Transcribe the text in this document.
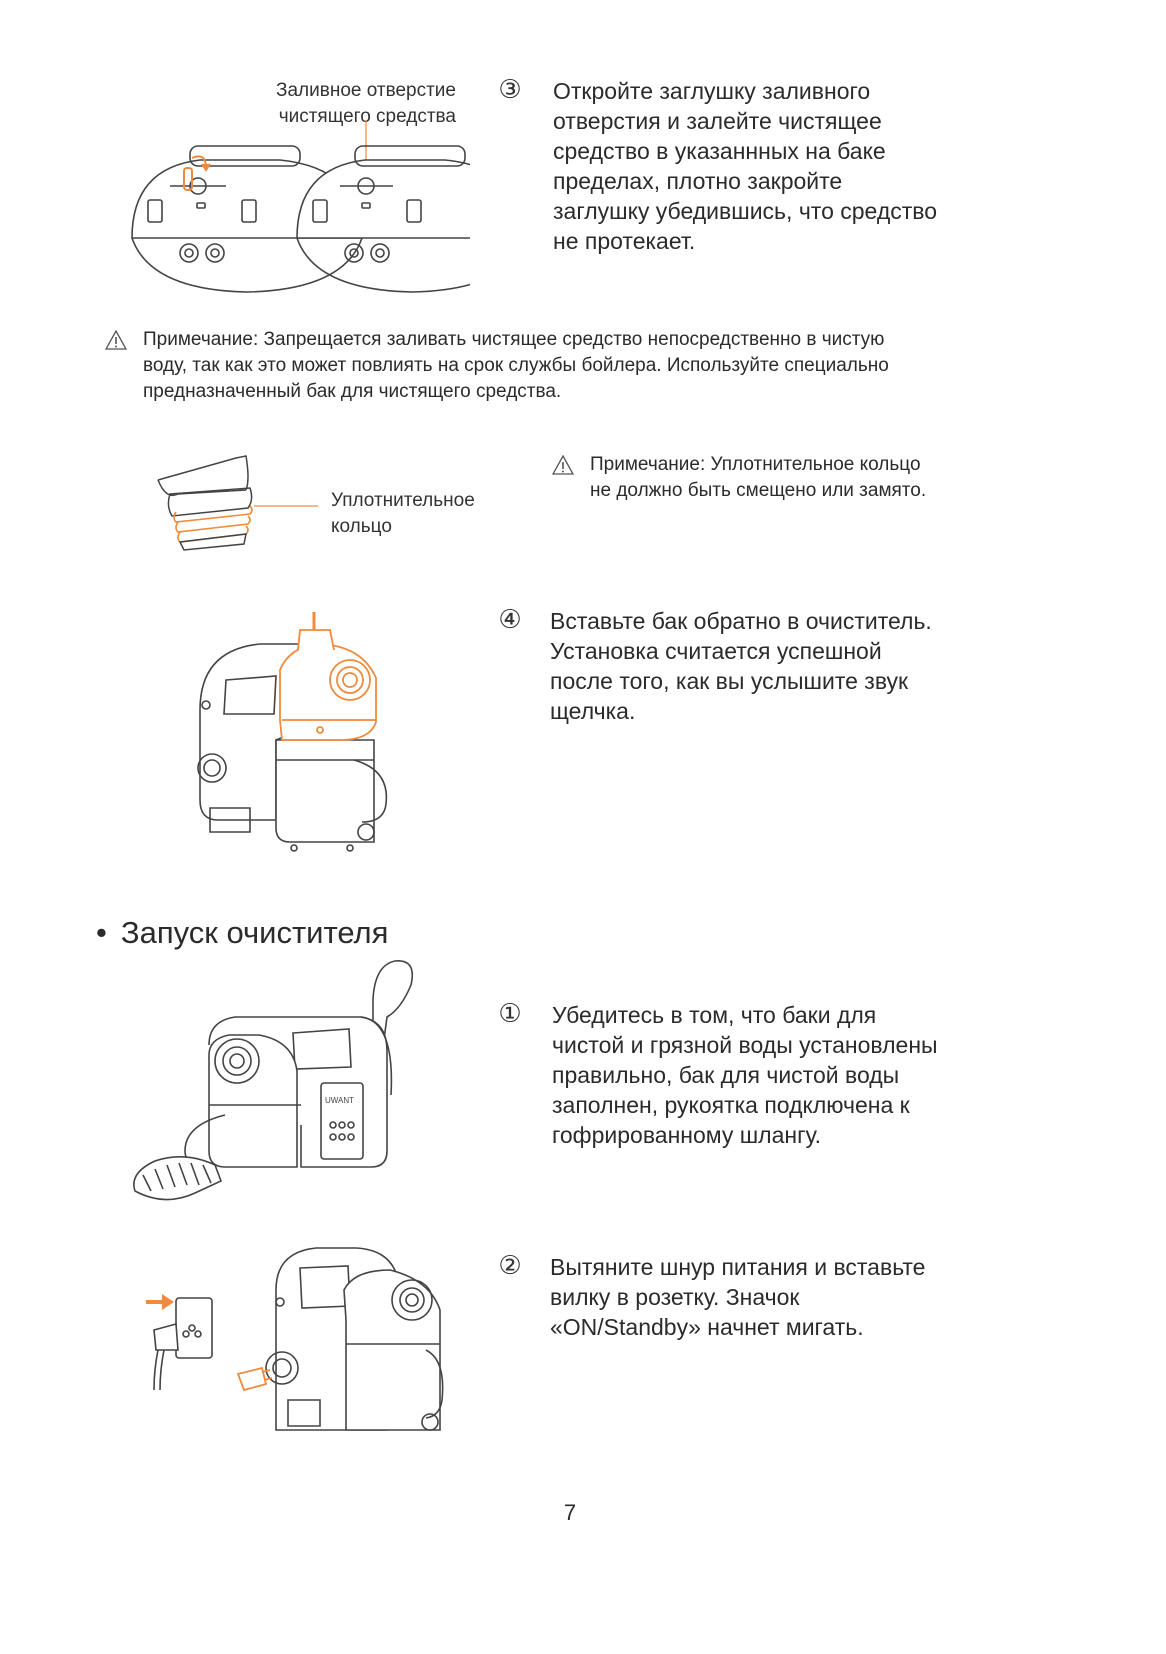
Заливное отверстие
чистящего средства
③ Откройте заглушку заливного
отверстия и залейте чистящее
средство в указаннных на баке
пределах, плотно закройте
заглушку убедившись, что средство
не протекает.
Примечание: Запрещается заливать чистящее средство непосредственно в чистую
воду, так как это может повлиять на срок службы бойлера. Используйте специально
предназначенный бак для чистящего средства.
Уплотнительное
кольцо
Примечание: Уплотнительное кольцо
не должно быть смещено или замято.
④ Вставьте бак обратно в очиститель.
Установка считается успешной
после того, как вы услышите звук
щелчка.
• Запуск очистителя
UWANT
① Убедитесь в том, что баки для
чистой и грязной воды установлены
правильно, бак для чистой воды
заполнен, рукоятка подключена к
гофрированному шлангу.
② Вытяните шнур питания и вставьте
вилку в розетку. Значок
«ON/Standby» начнет мигать.
7
